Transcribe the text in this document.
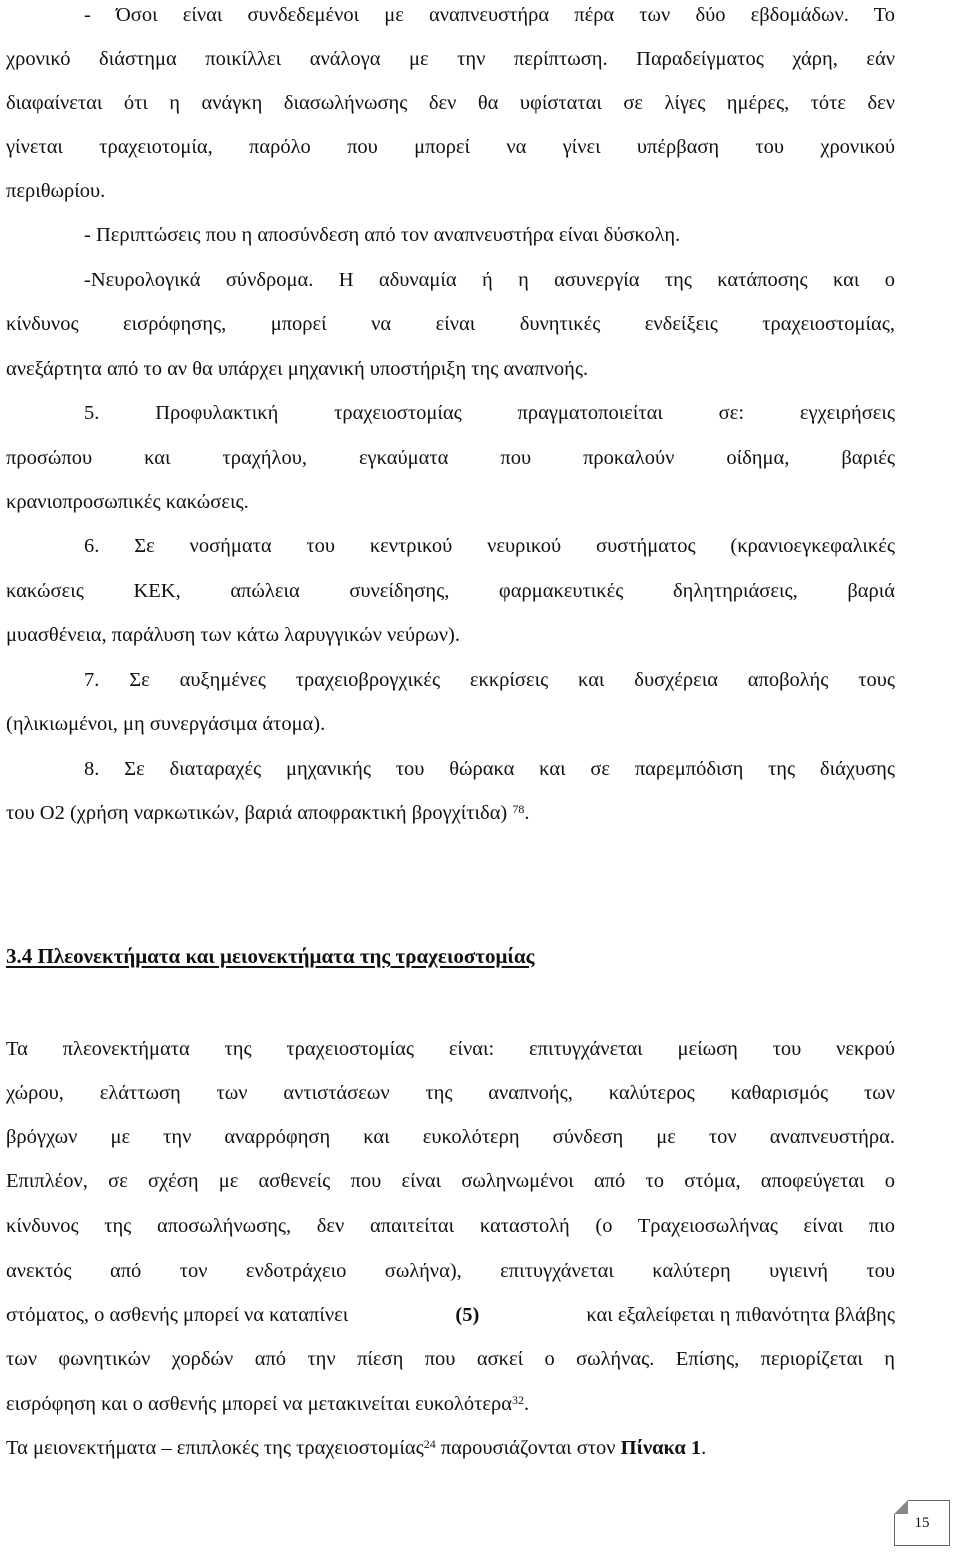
- Όσοι είναι συνδεδεμένοι με αναπνευστήρα πέρα των δύο εβδομάδων. Το
χρονικό διάστημα ποικίλλει ανάλογα με την περίπτωση. Παραδείγματος χάρη, εάν
διαφαίνεται ότι η ανάγκη διασωλήνωσης δεν θα υφίσταται σε λίγες ημέρες, τότε δεν
γίνεται τραχειοτομία, παρόλο που μπορεί να γίνει υπέρβαση του χρονικού
περιθωρίου.
- Περιπτώσεις που η αποσύνδεση από τον αναπνευστήρα είναι δύσκολη.
-Νευρολογικά σύνδρομα. Η αδυναμία ή η ασυνεργία της κατάποσης και ο
κίνδυνος εισρόφησης, μπορεί να είναι δυνητικές ενδείξεις τραχειοστομίας,
ανεξάρτητα από το αν θα υπάρχει μηχανική υποστήριξη της αναπνοής.
5. Προφυλακτική τραχειοστομίας πραγματοποιείται σε: εγχειρήσεις
προσώπου και τραχήλου, εγκαύματα που προκαλούν οίδημα, βαριές
κρανιοπροσωπικές κακώσεις.
6. Σε νοσήματα του κεντρικού νευρικού συστήματος (κρανιοεγκεφαλικές
κακώσεις ΚΕΚ, απώλεια συνείδησης, φαρμακευτικές δηλητηριάσεις, βαριά
μυασθένεια, παράλυση των κάτω λαρυγγικών νεύρων).
7. Σε αυξημένες τραχειοβρογχικές εκκρίσεις και δυσχέρεια αποβολής τους
(ηλικιωμένοι, μη συνεργάσιμα άτομα).
8. Σε διαταραχές μηχανικής του θώρακα και σε παρεμπόδιση της διάχυσης
του Ο2 (χρήση ναρκωτικών, βαριά αποφρακτική βρογχίτιδα) $^{78}$.
3.4 Πλεονεκτήματα και μειονεκτήματα της τραχειοστομίας
Τα πλεονεκτήματα της τραχειοστομίας είναι: επιτυγχάνεται μείωση του νεκρού
χώρου, ελάττωση των αντιστάσεων της αναπνοής, καλύτερος καθαρισμός των
βρόγχων με την αναρρόφηση και ευκολότερη σύνδεση με τον αναπνευστήρα.
Επιπλέον, σε σχέση με ασθενείς που είναι σωληνωμένοι από το στόμα, αποφεύγεται ο
κίνδυνος της αποσωλήνωσης, δεν απαιτείται καταστολή (ο Τραχειοσωλήνας είναι πιο
ανεκτός από τον ενδοτράχειο σωλήνα), επιτυγχάνεται καλύτερη υγιεινή του
στόματος, ο ασθενής μπορεί να καταπίνει	(5)	και εξαλείφεται η πιθανότητα βλάβης
των φωνητικών χορδών από την πίεση που ασκεί ο σωλήνας. Επίσης, περιορίζεται η
εισρόφηση και ο ασθενής μπορεί να μετακινείται ευκολότερα$^{32}$.
Τα μειονεκτήματα – επιπλοκές της τραχειοστομίας$^{24}$ παρουσιάζονται στον Πίνακα 1.
15
